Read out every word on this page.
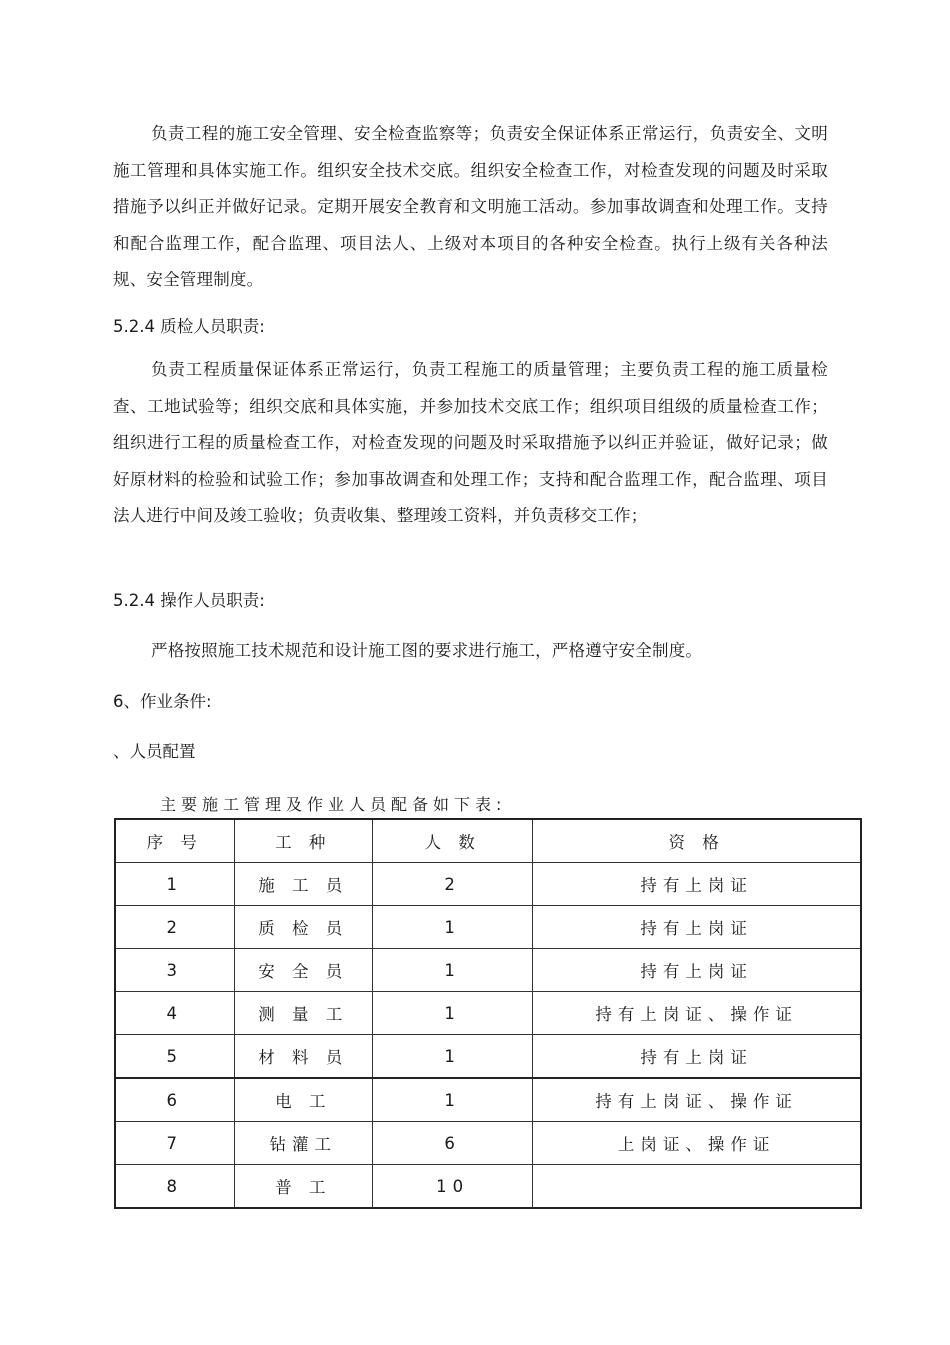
负责工程的施工安全管理、安全检查监察等；负责安全保证体系正常运行，负责安全、文明施工管理和具体实施工作。组织安全技术交底。组织安全检查工作，对检查发现的问题及时采取措施予以纠正并做好记录。定期开展安全教育和文明施工活动。参加事故调查和处理工作。支持和配合监理工作，配合监理、项目法人、上级对本项目的各种安全检查。执行上级有关各种法规、安全管理制度。

5.2.4 质检人员职责:

负责工程质量保证体系正常运行，负责工程施工的质量管理；主要负责工程的施工质量检查、工地试验等；组织交底和具体实施，并参加技术交底工作；组织项目组级的质量检查工作；组织进行工程的质量检查工作，对检查发现的问题及时采取措施予以纠正并验证，做好记录；做好原材料的检验和试验工作；参加事故调查和处理工作；支持和配合监理工作，配合监理、项目法人进行中间及竣工验收；负责收集、整理竣工资料，并负责移交工作；

5.2.4 操作人员职责:

严格按照施工技术规范和设计施工图的要求进行施工，严格遵守安全制度。

6、作业条件:

、人员配置

主要施工管理及作业人员配备如下表:

序 号	工 种	人 数	资 格
1	施 工 员	2	持有上岗证
2	质 检 员	1	持有上岗证
3	安 全 员	1	持有上岗证
4	测 量 工	1	持有上岗证、操作证
5	材 料 员	1	持有上岗证
6	电 工	1	持有上岗证、操作证
7	钻灌工	6	上岗证、操作证
8	普 工	10	
